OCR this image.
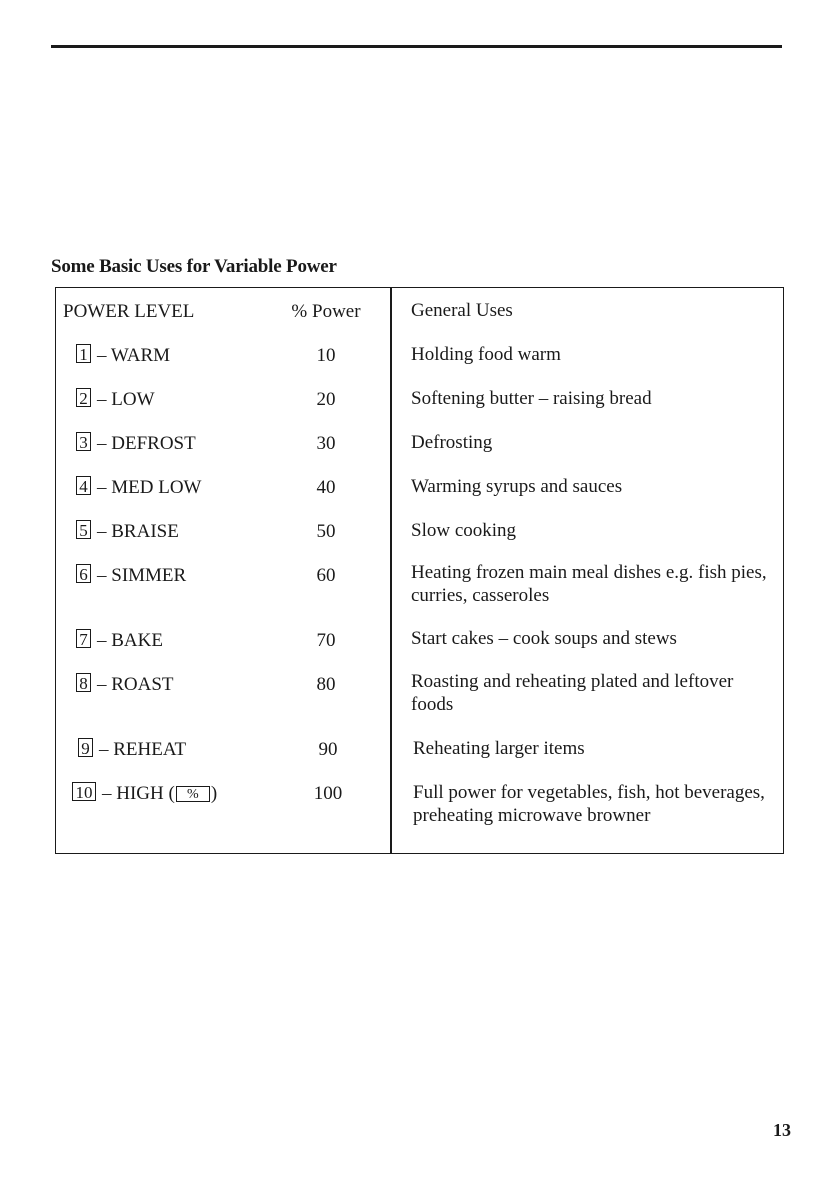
Some Basic Uses for Variable Power
POWER LEVEL	% Power	General Uses
1 – WARM	10	Holding food warm
2 – LOW	20	Softening butter – raising bread
3 – DEFROST	30	Defrosting
4 – MED LOW	40	Warming syrups and sauces
5 – BRAISE	50	Slow cooking
6 – SIMMER	60	Heating frozen main meal dishes e.g. fish pies, curries, casseroles
7 – BAKE	70	Start cakes – cook soups and stews
8 – ROAST	80	Roasting and reheating plated and leftover foods
9 – REHEAT	90	Reheating larger items
10 – HIGH ( % )	100	Full power for vegetables, fish, hot beverages, preheating microwave browner
13
